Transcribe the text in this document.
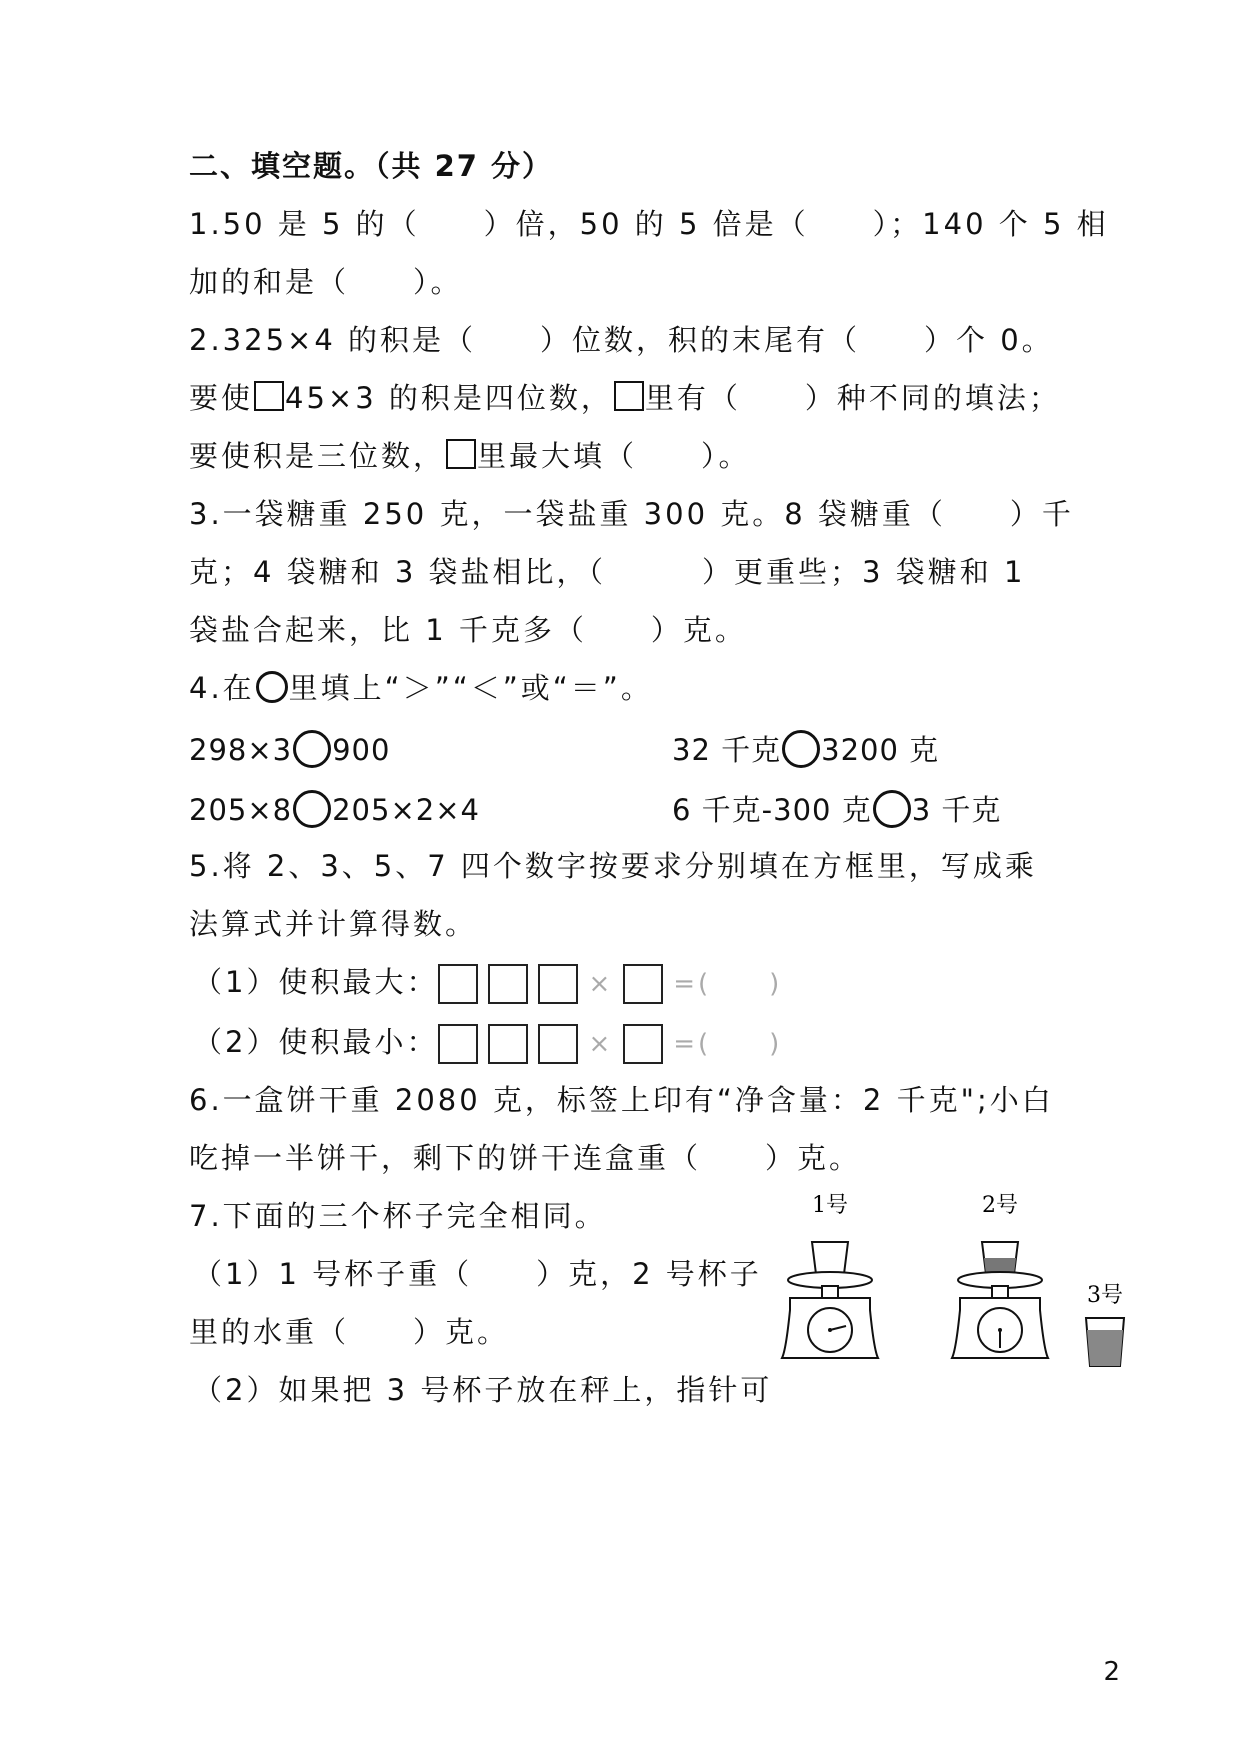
二、填空题。（共 27 分）
1.50 是 5 的（　　）倍，50 的 5 倍是（　　）；140 个 5 相
加的和是（　　）。
2.325×4 的积是（　　）位数，积的末尾有（　　）个 0。
要使 45×3 的积是四位数， 里有（　　）种不同的填法；
要使积是三位数， 里最大填（　　）。
3.一袋糖重 250 克，一袋盐重 300 克。8 袋糖重（　　）千
克；4 袋糖和 3 袋盐相比，（　　　）更重些；3 袋糖和 1
袋盐合起来，比 1 千克多（　　）克。
4.在 里填上“＞”“＜”或“＝”。
298×3 900	32 千克 3200 克
205×8 205×2×4	6 千克-300 克 3 千克
5.将 2、3、5、7 四个数字按要求分别填在方框里，写成乘
法算式并计算得数。
（1）使积最大：	× =(　　)
（2）使积最小：	× =(　　)
6.一盒饼干重 2080 克，标签上印有“净含量：2 千克";小白
吃掉一半饼干，剩下的饼干连盒重（　　）克。
7.下面的三个杯子完全相同。
（1）1 号杯子重（　　）克，2 号杯子
里的水重（　　）克。
（2）如果把 3 号杯子放在秤上，指针可
1号	2号
3号
2
